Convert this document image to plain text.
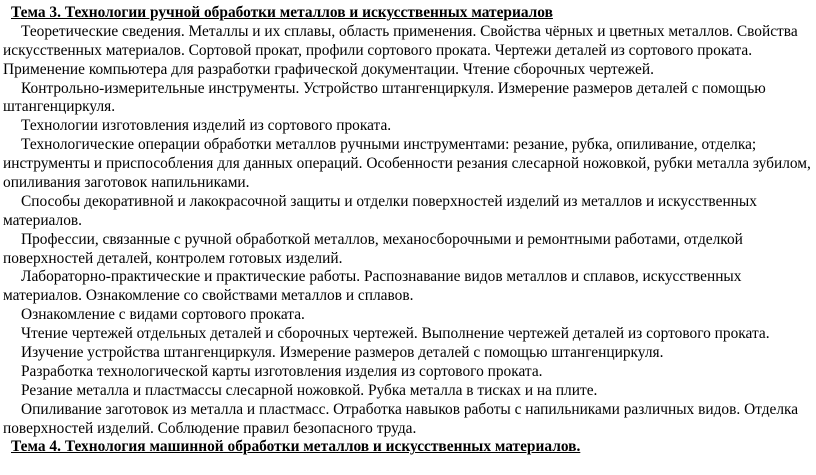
Тема 3. Технологии ручной обработки металлов и искусственных материалов
Теоретические сведения. Металлы и их сплавы, область применения. Свойства чёрных и цветных металлов. Свойства
искусственных материалов. Сортовой прокат, профили сортового проката. Чертежи деталей из сортового проката.
Применение компьютера для разработки графической документации. Чтение сборочных чертежей.
Контрольно-измерительные инструменты. Устройство штангенциркуля. Измерение размеров деталей с помощью
штангенциркуля.
Технологии изготовления изделий из сортового проката.
Технологические операции обработки металлов ручными инструментами: резание, рубка, опиливание, отделка;
инструменты и приспособления для данных операций. Особенности резания слесарной ножовкой, рубки металла зубилом,
опиливания заготовок напильниками.
Способы декоративной и лакокрасочной защиты и отделки поверхностей изделий из металлов и искусственных
материалов.
Профессии, связанные с ручной обработкой металлов, механосборочными и ремонтными работами, отделкой
поверхностей деталей, контролем готовых изделий.
Лабораторно-практические и практические работы. Распознавание видов металлов и сплавов, искусственных
материалов. Ознакомление со свойствами металлов и сплавов.
Ознакомление с видами сортового проката.
Чтение чертежей отдельных деталей и сборочных чертежей. Выполнение чертежей деталей из сортового проката.
Изучение устройства штангенциркуля. Измерение размеров деталей с помощью штангенциркуля.
Разработка технологической карты изготовления изделия из сортового проката.
Резание металла и пластмассы слесарной ножовкой. Рубка металла в тисках и на плите.
Опиливание заготовок из металла и пластмасс. Отработка навыков работы с напильниками различных видов. Отделка
поверхностей изделий. Соблюдение правил безопасного труда.
Тема 4. Технология машинной обработки металлов и искусственных материалов.
